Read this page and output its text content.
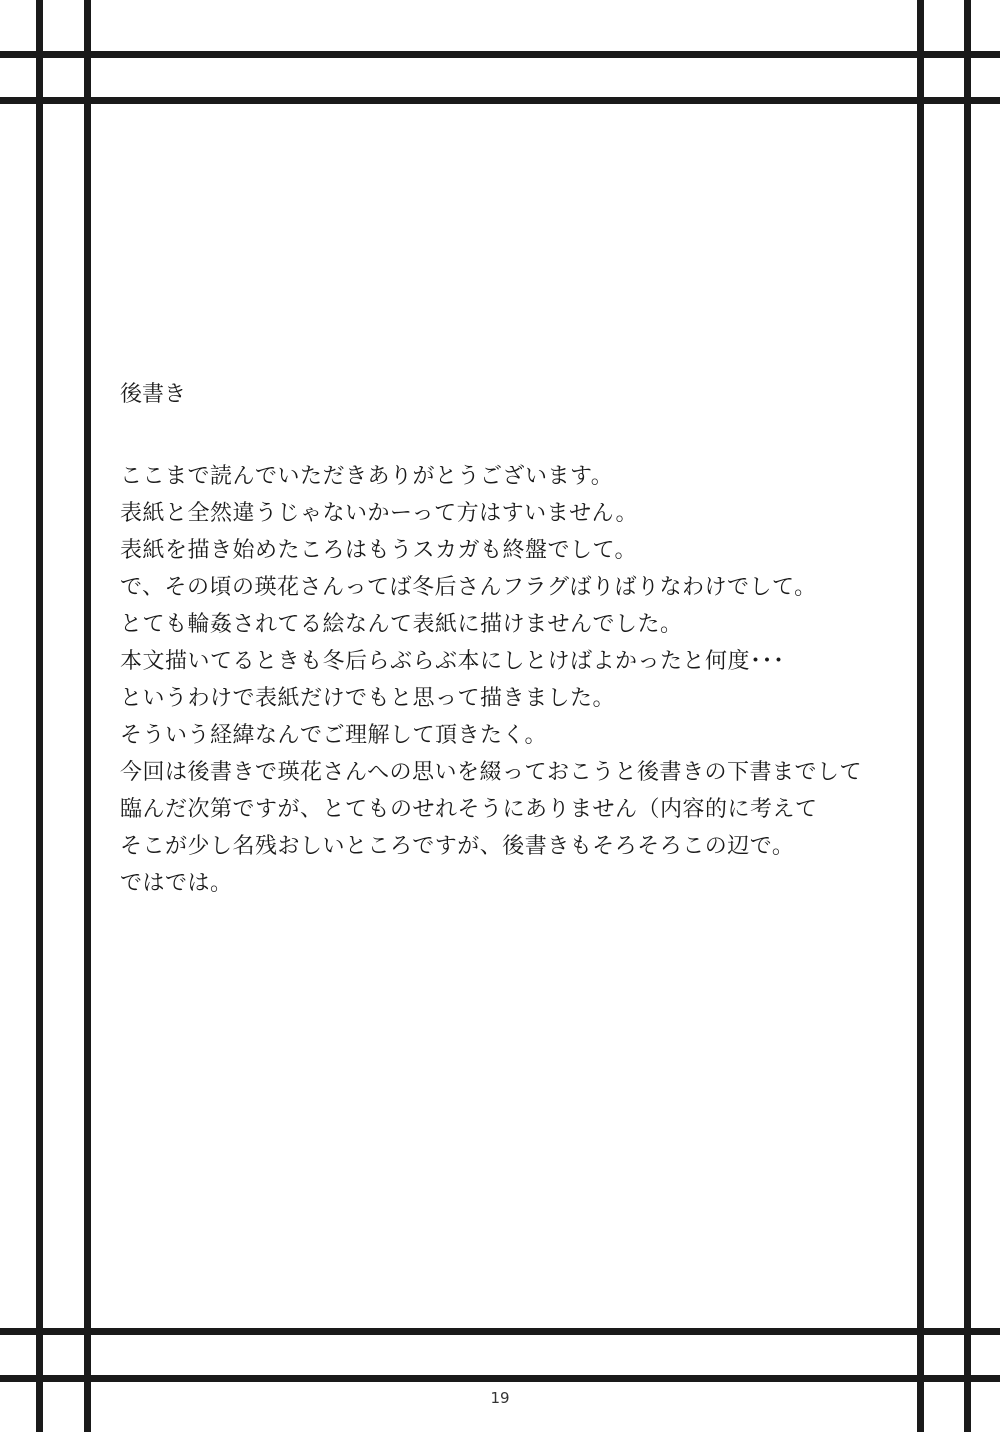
後書き

ここまで読んでいただきありがとうございます。

表紙と全然違うじゃないかーって方はすいません。

表紙を描き始めたころはもうスカガも終盤でして。

で、その頃の瑛花さんってば冬后さんフラグばりばりなわけでして。

とても輪姦されてる絵なんて表紙に描けませんでした。

本文描いてるときも冬后らぶらぶ本にしとけばよかったと何度･･･

というわけで表紙だけでもと思って描きました。

そういう経緯なんでご理解して頂きたく。

今回は後書きで瑛花さんへの思いを綴っておこうと後書きの下書までして

臨んだ次第ですが、とてものせれそうにありません（内容的に考えて

そこが少し名残おしいところですが、後書きもそろそろこの辺で。

ではでは。

19
